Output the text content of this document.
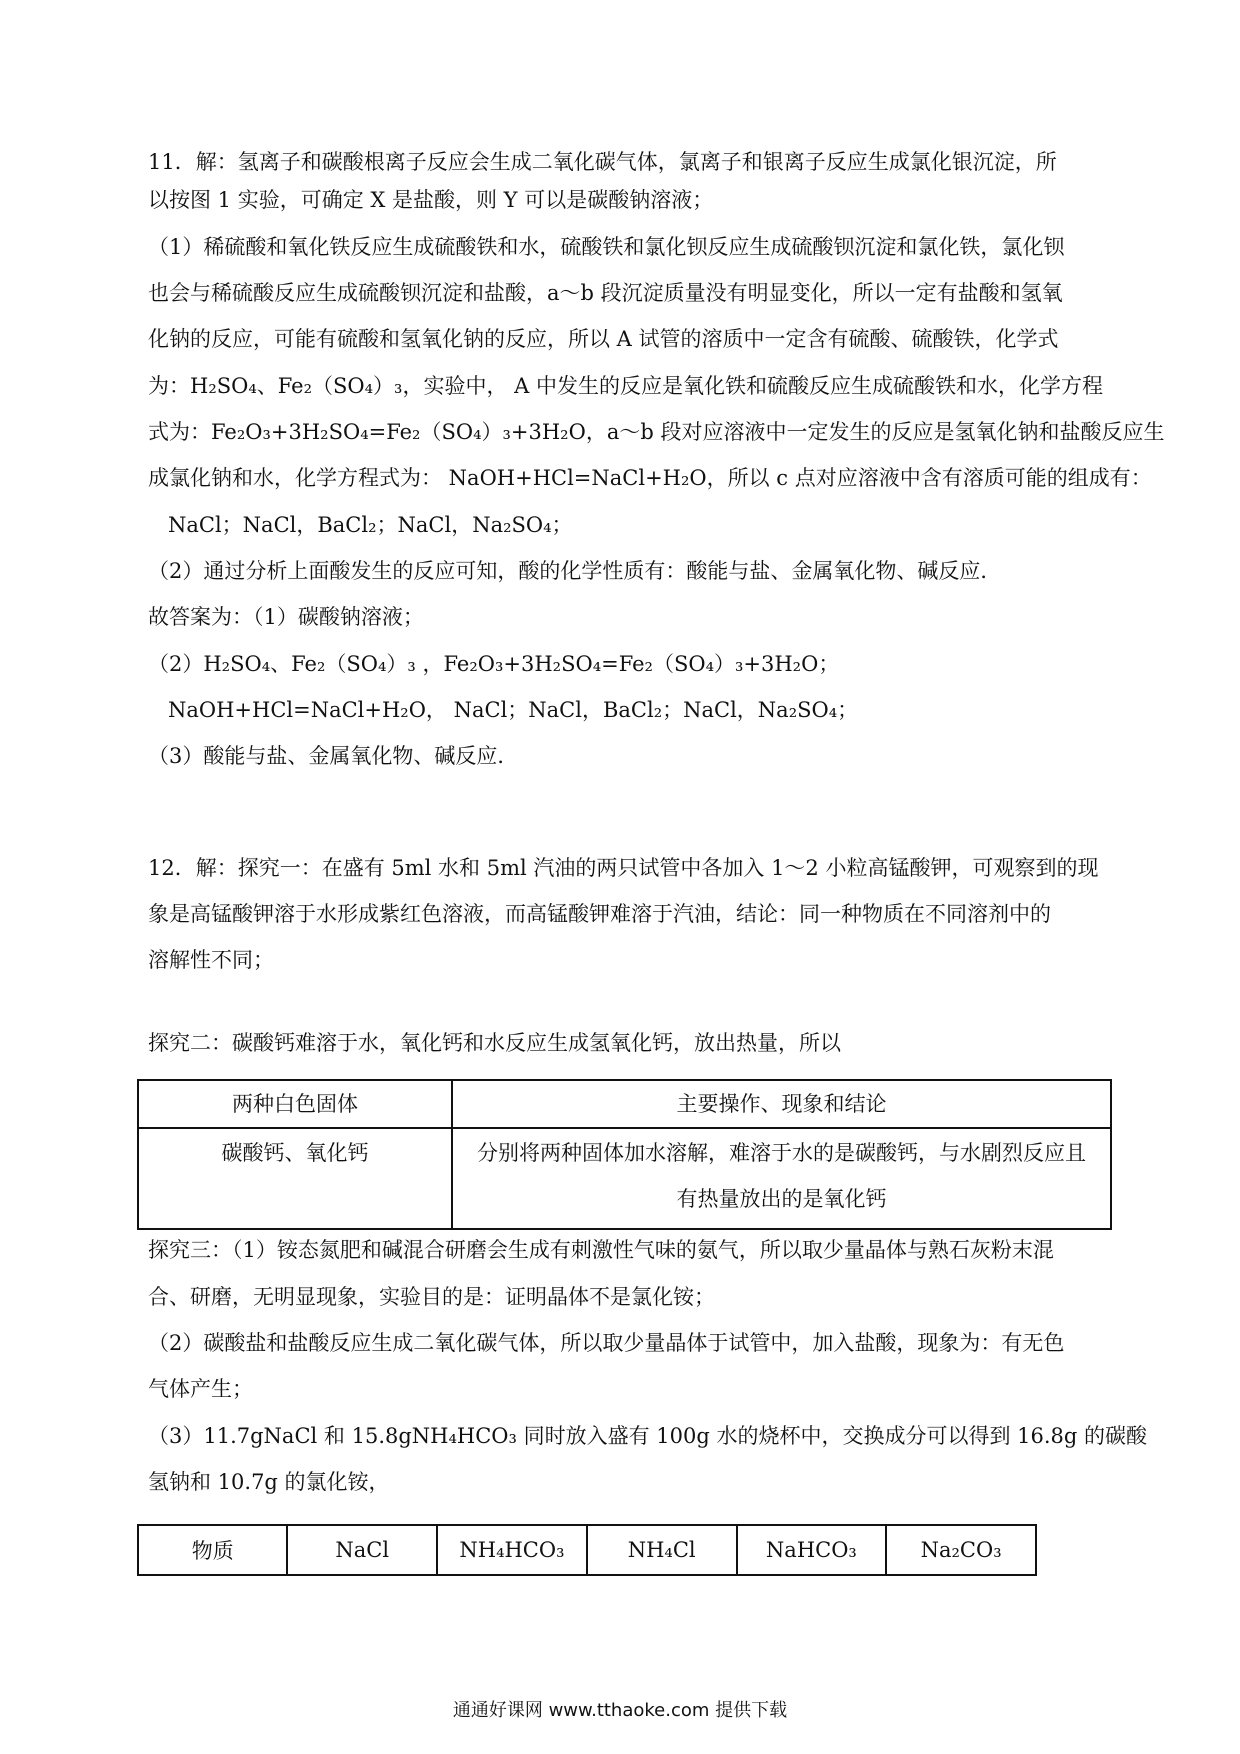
11．解：氢离子和碳酸根离子反应会生成二氧化碳气体，氯离子和银离子反应生成氯化银沉淀，所
以按图 1 实验，可确定 X 是盐酸，则 Y 可以是碳酸钠溶液；
（1）稀硫酸和氧化铁反应生成硫酸铁和水，硫酸铁和氯化钡反应生成硫酸钡沉淀和氯化铁，氯化钡
也会与稀硫酸反应生成硫酸钡沉淀和盐酸，a～b 段沉淀质量没有明显变化，所以一定有盐酸和氢氧
化钠的反应，可能有硫酸和氢氧化钠的反应，所以 A 试管的溶质中一定含有硫酸、硫酸铁，化学式
为：H₂SO₄、Fe₂（SO₄）₃，实验中， A 中发生的反应是氧化铁和硫酸反应生成硫酸铁和水，化学方程
式为：Fe₂O₃+3H₂SO₄=Fe₂（SO₄）₃+3H₂O，a～b 段对应溶液中一定发生的反应是氢氧化钠和盐酸反应生
成氯化钠和水，化学方程式为： NaOH+HCl=NaCl+H₂O，所以 c 点对应溶液中含有溶质可能的组成有：
NaCl；NaCl，BaCl₂；NaCl，Na₂SO₄；
（2）通过分析上面酸发生的反应可知，酸的化学性质有：酸能与盐、金属氧化物、碱反应．
故答案为：（1）碳酸钠溶液；
（2）H₂SO₄、Fe₂（SO₄）₃ ，Fe₂O₃+3H₂SO₄=Fe₂（SO₄）₃+3H₂O；
NaOH+HCl=NaCl+H₂O， NaCl；NaCl，BaCl₂；NaCl，Na₂SO₄；
（3）酸能与盐、金属氧化物、碱反应．
12．解：探究一：在盛有 5ml 水和 5ml 汽油的两只试管中各加入 1～2 小粒高锰酸钾，可观察到的现
象是高锰酸钾溶于水形成紫红色溶液，而高锰酸钾难溶于汽油，结论：同一种物质在不同溶剂中的
溶解性不同；
探究二：碳酸钙难溶于水，氧化钙和水反应生成氢氧化钙，放出热量，所以
两种白色固体	主要操作、现象和结论
碳酸钙、氧化钙	分别将两种固体加水溶解，难溶于水的是碳酸钙，与水剧烈反应且
有热量放出的是氧化钙
探究三：（1）铵态氮肥和碱混合研磨会生成有刺激性气味的氨气，所以取少量晶体与熟石灰粉末混
合、研磨，无明显现象，实验目的是：证明晶体不是氯化铵；
（2）碳酸盐和盐酸反应生成二氧化碳气体，所以取少量晶体于试管中，加入盐酸，现象为：有无色
气体产生；
（3）11.7gNaCl 和 15.8gNH₄HCO₃ 同时放入盛有 100g 水的烧杯中，交换成分可以得到 16.8g 的碳酸
氢钠和 10.7g 的氯化铵，
物质	NaCl	NH₄HCO₃	NH₄Cl	NaHCO₃	Na₂CO₃
通通好课网 www.tthaoke.com 提供下载
